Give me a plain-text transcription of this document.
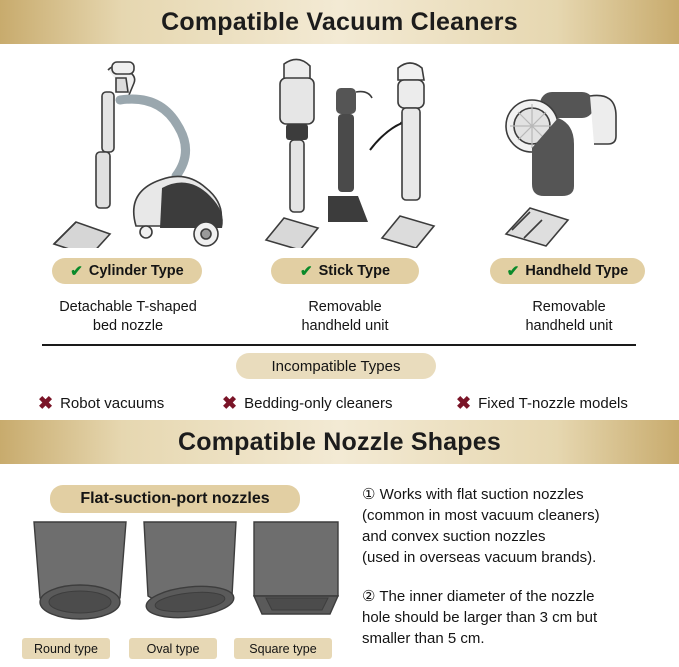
Compatible Vacuum Cleaners
✔ Cylinder Type	✔ Stick Type	✔ Handheld Type
Detachable T-shaped
bed nozzle
Removable
handheld unit
Removable
handheld unit
Incompatible Types
✖ Robot vacuums	✖ Bedding-only cleaners	✖ Fixed T-nozzle models
Compatible Nozzle Shapes
Flat-suction-port nozzles
Round type	Oval type	Square type
① Works with flat suction nozzles
(common in most vacuum cleaners)
and convex suction nozzles
(used in overseas vacuum brands).
② The inner diameter of the nozzle
hole should be larger than 3 cm but
smaller than 5 cm.
